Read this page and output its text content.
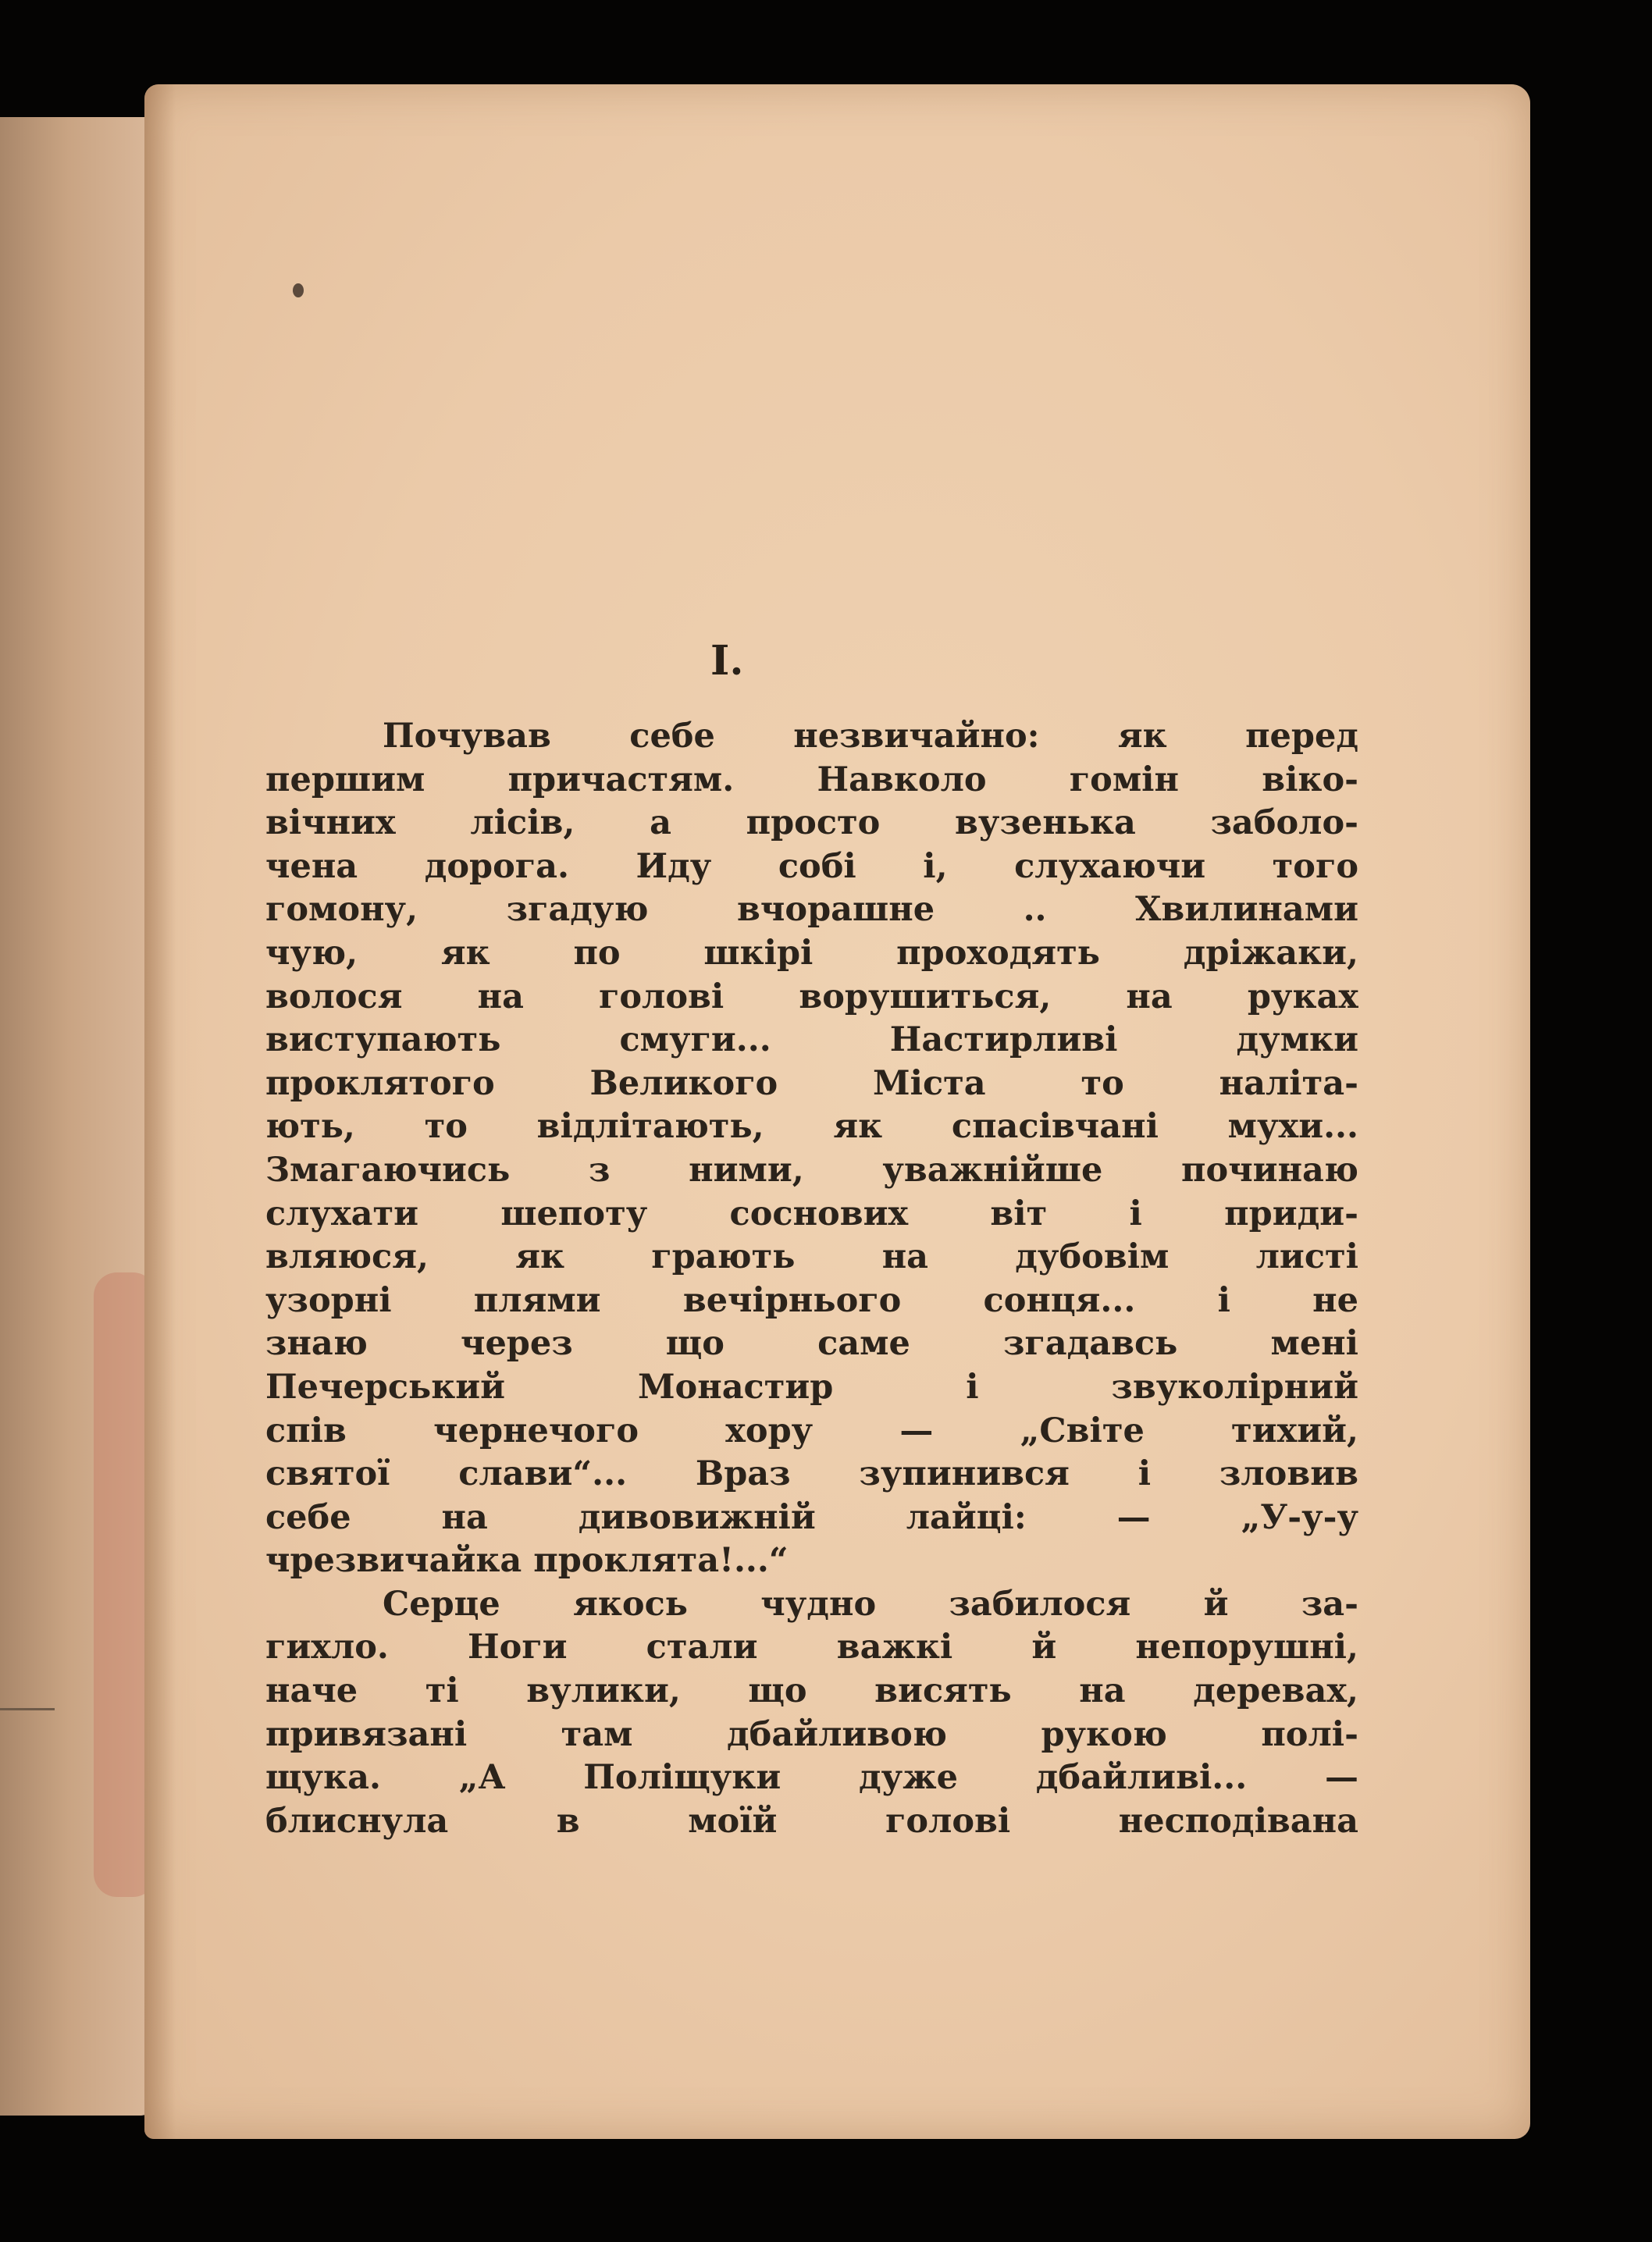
I.
Почував себе незвичайно: як перед
першим причастям. Навколо гомін віко-
вічних лісів, а просто вузенька заболо-
чена дорога. Иду собі і, слухаючи того
гомону, згадую вчорашне .. Хвилинами
чую, як по шкірі проходять дріжаки,
волося на голові ворушиться, на руках
виступають смуги... Настирливі думки
проклятого Великого Міста то наліта-
ють, то відлітають, як спасівчані мухи...
Змагаючись з ними, уважнійше починаю
слухати шепоту соснових віт і приди-
вляюся, як грають на дубовім листі
узорні плями вечірнього сонця... і не
знаю через що саме згадавсь мені
Печерський Монастир і звуколірний
спів чернечого хору — „Світе тихий,
святої слави“... Враз зупинився і зловив
себе на дивовижній лайці: — „У-у-у
чрезвичайка проклята!...“
Серце якось чудно забилося й за-
гихло. Ноги стали важкі й непорушні,
наче ті вулики, що висять на деревах,
привязані там дбайливою рукою полі-
щука. „А Поліщуки дуже дбайливі... —
блиснула в моїй голові несподівана
